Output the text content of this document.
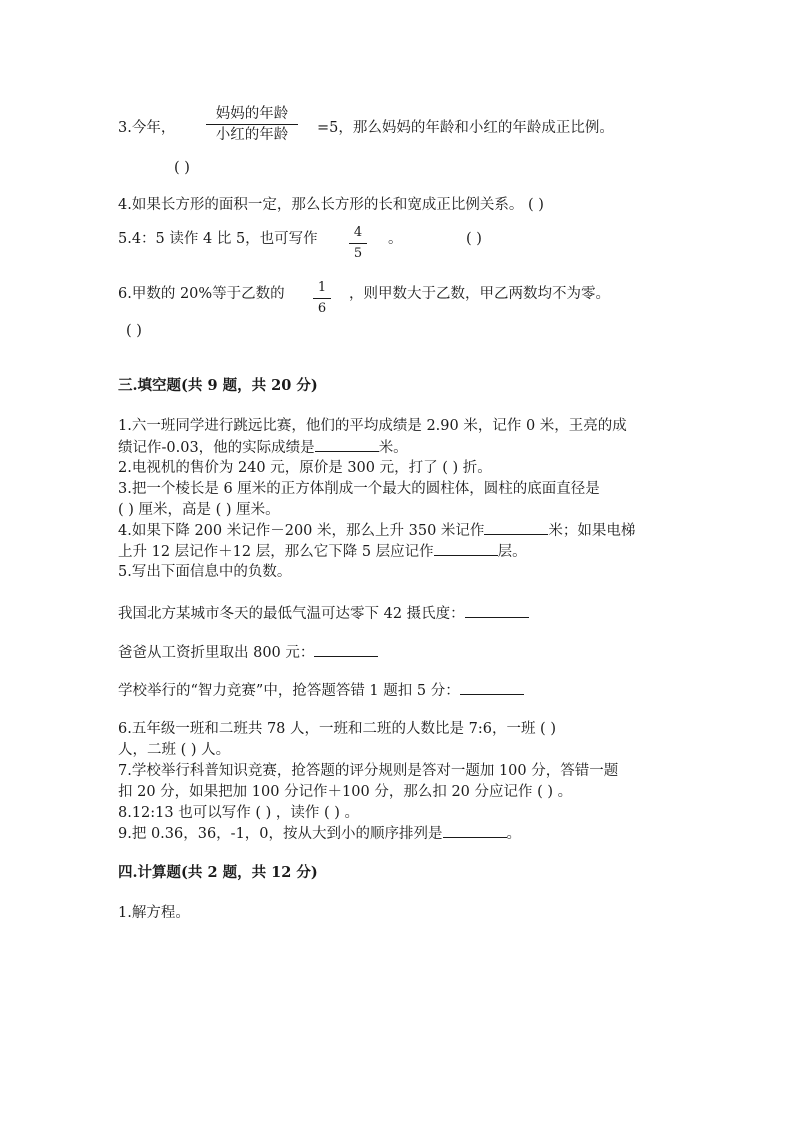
3.今年，
妈妈的年龄
小红的年龄	=5，那么妈妈的年龄和小红的年龄成正比例。
( )
4.如果长方形的面积一定，那么长方形的长和宽成正比例关系。 ( )
5.4：5 读作 4 比 5，也可写作	4
5
。	( )
6.甲数的 20%等于乙数的	1
6
，则甲数大于乙数，甲乙两数均不为零。
( )
三.填空题(共 9 题，共 20 分)
1.六一班同学进行跳远比赛，他们的平均成绩是 2.90 米，记作 0 米，王亮的成
绩记作-0.03，他的实际成绩是	米。
2.电视机的售价为 240 元，原价是 300 元，打了 ( ) 折。
3.把一个棱长是 6 厘米的正方体削成一个最大的圆柱体，圆柱的底面直径是
( ) 厘米，高是 ( ) 厘米。
4.如果下降 200 米记作－200 米，那么上升 350 米记作	米；如果电梯
上升 12 层记作＋12 层，那么它下降 5 层应记作	层。
5.写出下面信息中的负数。
我国北方某城市冬天的最低气温可达零下 42 摄氏度：
爸爸从工资折里取出 800 元：
学校举行的“智力竞赛”中，抢答题答错 1 题扣 5 分：
6.五年级一班和二班共 78 人，一班和二班的人数比是 7:6，一班 ( )
人，二班 ( ) 人。
7.学校举行科普知识竞赛，抢答题的评分规则是答对一题加 100 分，答错一题
扣 20 分，如果把加 100 分记作＋100 分，那么扣 20 分应记作 ( ) 。
8.12:13 也可以写作 ( ) ，读作 ( ) 。
9.把 0.36，36，-1，0，按从大到小的顺序排列是	。
四.计算题(共 2 题，共 12 分)
1.解方程。
